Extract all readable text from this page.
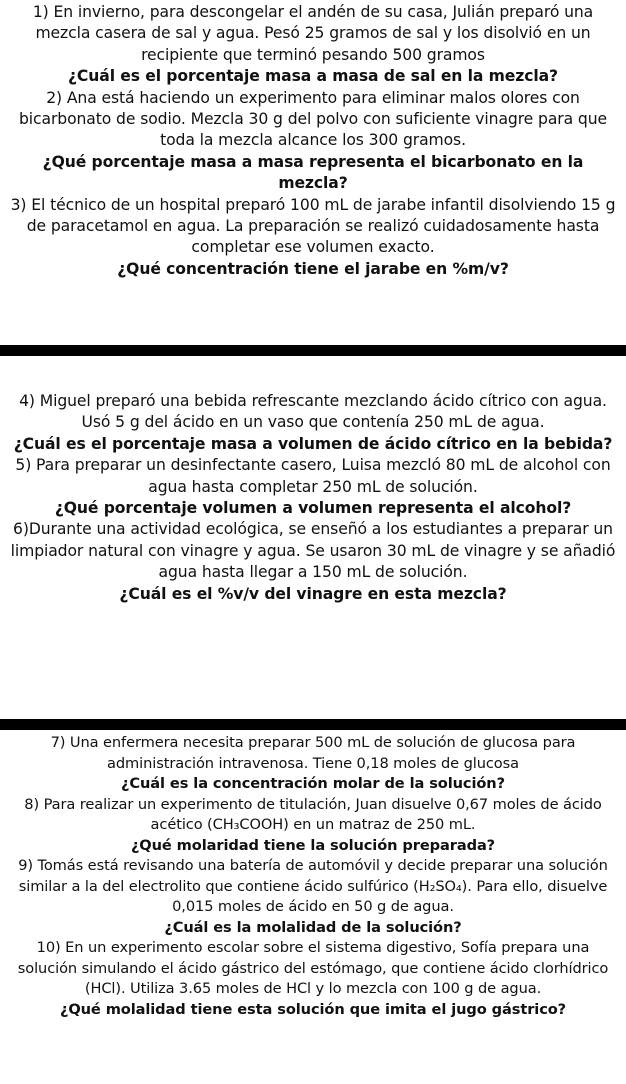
1) En invierno, para descongelar el andén de su casa, Julián preparó una mezcla casera de sal y agua. Pesó 25 gramos de sal y los disolvió en un recipiente que terminó pesando 500 gramos
¿Cuál es el porcentaje masa a masa de sal en la mezcla?
2) Ana está haciendo un experimento para eliminar malos olores con bicarbonato de sodio. Mezcla 30 g del polvo con suficiente vinagre para que toda la mezcla alcance los 300 gramos.
¿Qué porcentaje masa a masa representa el bicarbonato en la mezcla?
3) El técnico de un hospital preparó 100 mL de jarabe infantil disolviendo 15 g de paracetamol en agua. La preparación se realizó cuidadosamente hasta completar ese volumen exacto.
¿Qué concentración tiene el jarabe en %m/v?
4) Miguel preparó una bebida refrescante mezclando ácido cítrico con agua. Usó 5 g del ácido en un vaso que contenía 250 mL de agua.
¿Cuál es el porcentaje masa a volumen de ácido cítrico en la bebida?
5) Para preparar un desinfectante casero, Luisa mezcló 80 mL de alcohol con agua hasta completar 250 mL de solución.
¿Qué porcentaje volumen a volumen representa el alcohol?
6)Durante una actividad ecológica, se enseñó a los estudiantes a preparar un limpiador natural con vinagre y agua. Se usaron 30 mL de vinagre y se añadió agua hasta llegar a 150 mL de solución.
¿Cuál es el %v/v del vinagre en esta mezcla?
7) Una enfermera necesita preparar 500 mL de solución de glucosa para administración intravenosa. Tiene 0,18 moles de glucosa
¿Cuál es la concentración molar de la solución?
8) Para realizar un experimento de titulación, Juan disuelve 0,67 moles de ácido acético (CH₃COOH) en un matraz de 250 mL.
¿Qué molaridad tiene la solución preparada?
9) Tomás está revisando una batería de automóvil y decide preparar una solución similar a la del electrolito que contiene ácido sulfúrico (H₂SO₄). Para ello, disuelve 0,015 moles de ácido en 50 g de agua.
¿Cuál es la molalidad de la solución?
10) En un experimento escolar sobre el sistema digestivo, Sofía prepara una solución simulando el ácido gástrico del estómago, que contiene ácido clorhídrico (HCl). Utiliza 3.65 moles de HCl y lo mezcla con 100 g de agua.
¿Qué molalidad tiene esta solución que imita el jugo gástrico?
